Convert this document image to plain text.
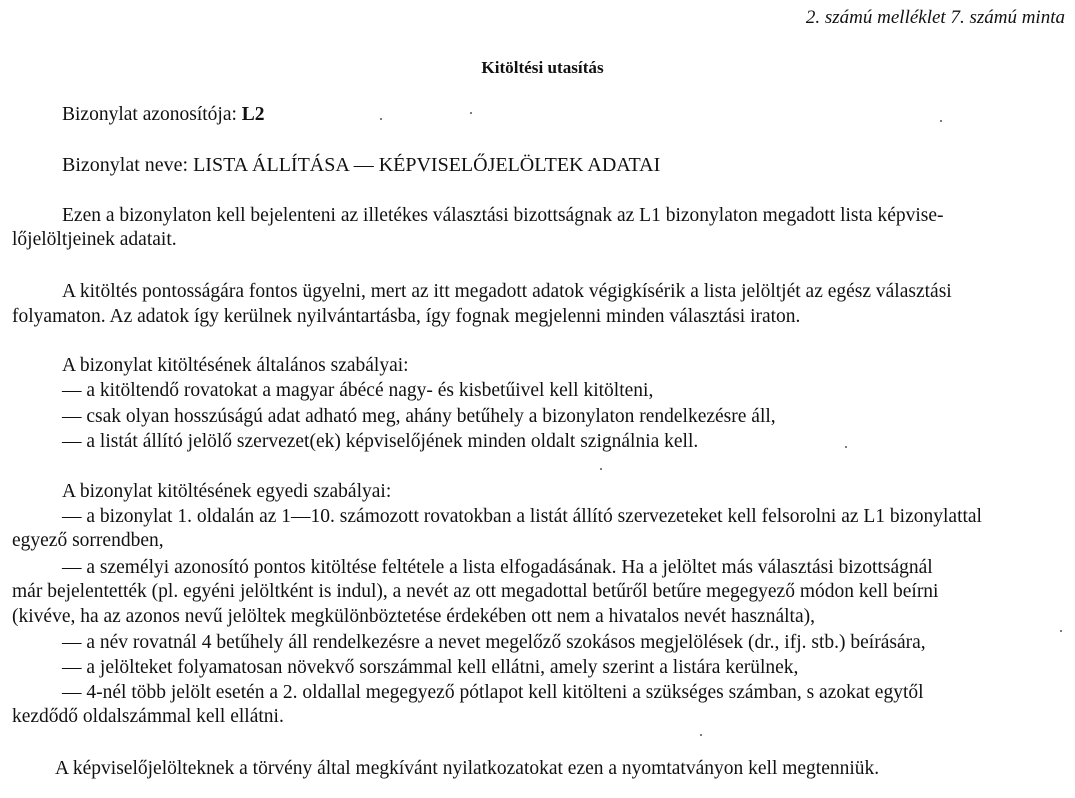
2. számú melléklet 7. számú minta
Kitöltési utasítás
Bizonylat azonosítója: L2
Bizonylat neve: LISTA ÁLLÍTÁSA — KÉPVISELŐJELÖLTEK ADATAI
Ezen a bizonylaton kell bejelenteni az illetékes választási bizottságnak az L1 bizonylaton megadott lista képvise-
lőjelöltjeinek adatait.
A kitöltés pontosságára fontos ügyelni, mert az itt megadott adatok végigkísérik a lista jelöltjét az egész választási
folyamaton. Az adatok így kerülnek nyilvántartásba, így fognak megjelenni minden választási iraton.
A bizonylat kitöltésének általános szabályai:
— a kitöltendő rovatokat a magyar ábécé nagy- és kisbetűivel kell kitölteni,
— csak olyan hosszúságú adat adható meg, ahány betűhely a bizonylaton rendelkezésre áll,
— a listát állító jelölő szervezet(ek) képviselőjének minden oldalt szignálnia kell.
A bizonylat kitöltésének egyedi szabályai:
— a bizonylat 1. oldalán az 1—10. számozott rovatokban a listát állító szervezeteket kell felsorolni az L1 bizonylattal
egyező sorrendben,
— a személyi azonosító pontos kitöltése feltétele a lista elfogadásának. Ha a jelöltet más választási bizottságnál
már bejelentették (pl. egyéni jelöltként is indul), a nevét az ott megadottal betűről betűre megegyező módon kell beírni
(kivéve, ha az azonos nevű jelöltek megkülönböztetése érdekében ott nem a hivatalos nevét használta),
— a név rovatnál 4 betűhely áll rendelkezésre a nevet megelőző szokásos megjelölések (dr., ifj. stb.) beírására,
— a jelölteket folyamatosan növekvő sorszámmal kell ellátni, amely szerint a listára kerülnek,
— 4-nél több jelölt esetén a 2. oldallal megegyező pótlapot kell kitölteni a szükséges számban, s azokat egytől
kezdődő oldalszámmal kell ellátni.
A képviselőjelölteknek a törvény által megkívánt nyilatkozatokat ezen a nyomtatványon kell megtenniük.
